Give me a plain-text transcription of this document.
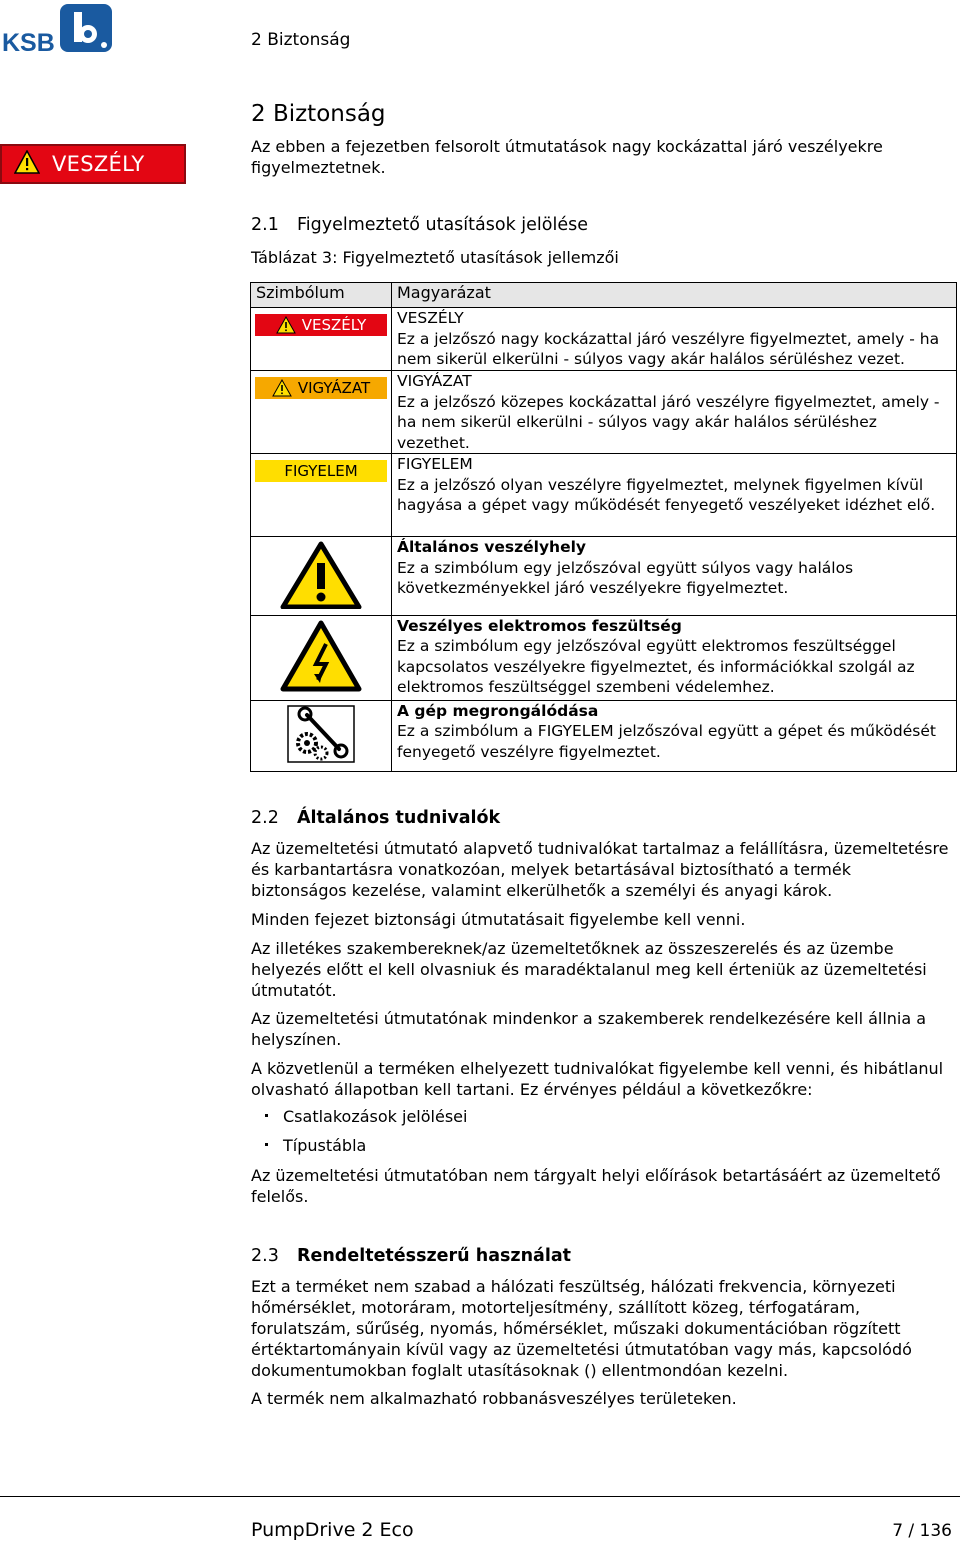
KSB	2 Biztonság
VESZÉLY
2 Biztonság
Az ebben a fejezetben felsorolt útmutatások nagy kockázattal járó veszélyekre figyelmeztetnek.
2.1 Figyelmeztető utasítások jelölése
Táblázat 3: Figyelmeztető utasítások jellemzői
Szimbólum	Magyarázat

VESZÉLY	VESZÉLY
Ez a jelzőszó nagy kockázattal járó veszélyre figyelmeztet, amely - ha nem sikerül elkerülni - súlyos vagy akár halálos sérüléshez vezet.

VIGYÁZAT	VIGYÁZAT
Ez a jelzőszó közepes kockázattal járó veszélyre figyelmeztet, amely - ha nem sikerül elkerülni - súlyos vagy akár halálos sérüléshez vezethet.

FIGYELEM	FIGYELEM
Ez a jelzőszó olyan veszélyre figyelmeztet, melynek figyelmen kívül hagyása a gépet vagy működését fenyegető veszélyeket idézhet elő.

Általános veszélyhely
Ez a szimbólum egy jelzőszóval együtt súlyos vagy halálos következményekkel járó veszélyekre figyelmeztet.

Veszélyes elektromos feszültség
Ez a szimbólum egy jelzőszóval együtt elektromos feszültséggel kapcsolatos veszélyekre figyelmeztet, és információkkal szolgál az elektromos feszültséggel szembeni védelemhez.

A gép megrongálódása
Ez a szimbólum a FIGYELEM jelzőszóval együtt a gépet és működését fenyegető veszélyre figyelmeztet.
2.2 Általános tudnivalók
Az üzemeltetési útmutató alapvető tudnivalókat tartalmaz a felállításra, üzemeltetésre és karbantartásra vonatkozóan, melyek betartásával biztosítható a termék biztonságos kezelése, valamint elkerülhetők a személyi és anyagi károk.
Minden fejezet biztonsági útmutatásait figyelembe kell venni.
Az illetékes szakembereknek/az üzemeltetőknek az összeszerelés és az üzembe helyezés előtt el kell olvasniuk és maradéktalanul meg kell érteniük az üzemeltetési útmutatót.
Az üzemeltetési útmutatónak mindenkor a szakemberek rendelkezésére kell állnia a helyszínen.
A közvetlenül a terméken elhelyezett tudnivalókat figyelembe kell venni, és hibátlanul olvasható állapotban kell tartani. Ez érvényes például a következőkre:
Csatlakozások jelölései
Típustábla
Az üzemeltetési útmutatóban nem tárgyalt helyi előírások betartásáért az üzemeltető felelős.
2.3 Rendeltetésszerű használat
Ezt a terméket nem szabad a hálózati feszültség, hálózati frekvencia, környezeti hőmérséklet, motoráram, motorteljesítmény, szállított közeg, térfogatáram, forulatszám, sűrűség, nyomás, hőmérséklet, műszaki dokumentációban rögzített értéktartományain kívül vagy az üzemeltetési útmutatóban vagy más, kapcsolódó dokumentumokban foglalt utasításoknak () ellentmondóan kezelni.
A termék nem alkalmazható robbanásveszélyes területeken.
PumpDrive 2 Eco	7 / 136
